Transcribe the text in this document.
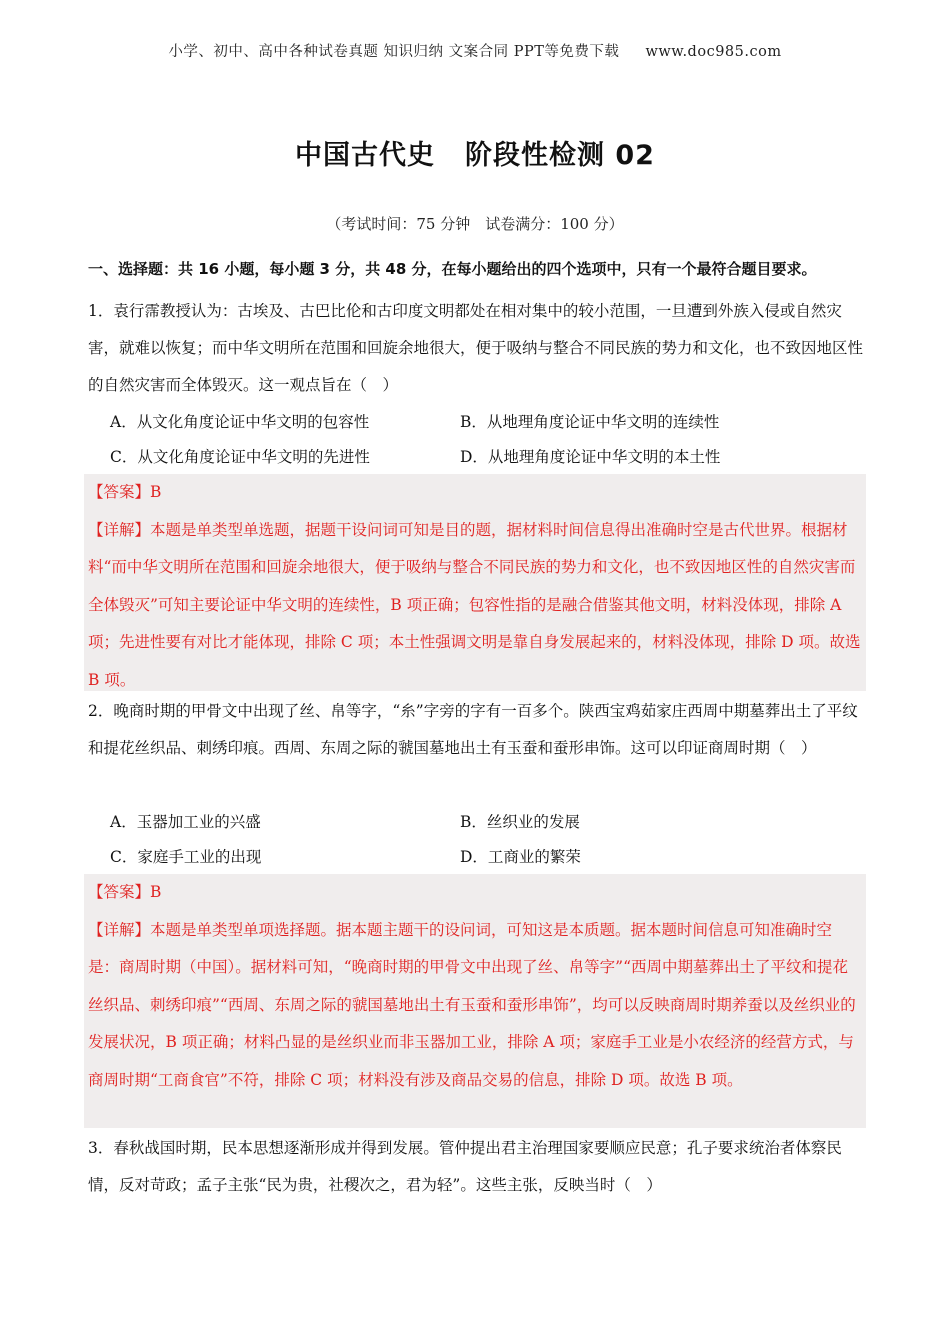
小学、初中、高中各种试卷真题 知识归纳 文案合同 PPT等免费下载 www.doc985.com
中国古代史 阶段性检测 02
（考试时间：75 分钟　试卷满分：100 分）
一、选择题：共 16 小题，每小题 3 分，共 48 分，在每小题给出的四个选项中，只有一个最符合题目要求。
1．袁行霈教授认为：古埃及、古巴比伦和古印度文明都处在相对集中的较小范围，一旦遭到外族入侵或自然灾害，就难以恢复；而中华文明所在范围和回旋余地很大，便于吸纳与整合不同民族的势力和文化，也不致因地区性的自然灾害而全体毁灭。这一观点旨在（　）
A．从文化角度论证中华文明的包容性	B．从地理角度论证中华文明的连续性
C．从文化角度论证中华文明的先进性	D．从地理角度论证中华文明的本土性
【答案】B
【详解】本题是单类型单选题，据题干设问词可知是目的题，据材料时间信息得出准确时空是古代世界。根据材料“而中华文明所在范围和回旋余地很大，便于吸纳与整合不同民族的势力和文化，也不致因地区性的自然灾害而全体毁灭”可知主要论证中华文明的连续性，B 项正确；包容性指的是融合借鉴其他文明，材料没体现，排除 A 项；先进性要有对比才能体现，排除 C 项；本土性强调文明是靠自身发展起来的，材料没体现，排除 D 项。故选 B 项。
2．晚商时期的甲骨文中出现了丝、帛等字，“糸”字旁的字有一百多个。陕西宝鸡茹家庄西周中期墓葬出土了平纹和提花丝织品、刺绣印痕。西周、东周之际的虢国墓地出土有玉蚕和蚕形串饰。这可以印证商周时期（　）
A．玉器加工业的兴盛	B．丝织业的发展
C．家庭手工业的出现	D．工商业的繁荣
【答案】B
【详解】本题是单类型单项选择题。据本题主题干的设问词，可知这是本质题。据本题时间信息可知准确时空是：商周时期（中国）。据材料可知，“晚商时期的甲骨文中出现了丝、帛等字”“西周中期墓葬出土了平纹和提花丝织品、刺绣印痕”“西周、东周之际的虢国墓地出土有玉蚕和蚕形串饰”，均可以反映商周时期养蚕以及丝织业的发展状况，B 项正确；材料凸显的是丝织业而非玉器加工业，排除 A 项；家庭手工业是小农经济的经营方式，与商周时期“工商食官”不符，排除 C 项；材料没有涉及商品交易的信息，排除 D 项。故选 B 项。
3．春秋战国时期，民本思想逐渐形成并得到发展。管仲提出君主治理国家要顺应民意；孔子要求统治者体察民情，反对苛政；孟子主张“民为贵，社稷次之，君为轻”。这些主张，反映当时（　）
